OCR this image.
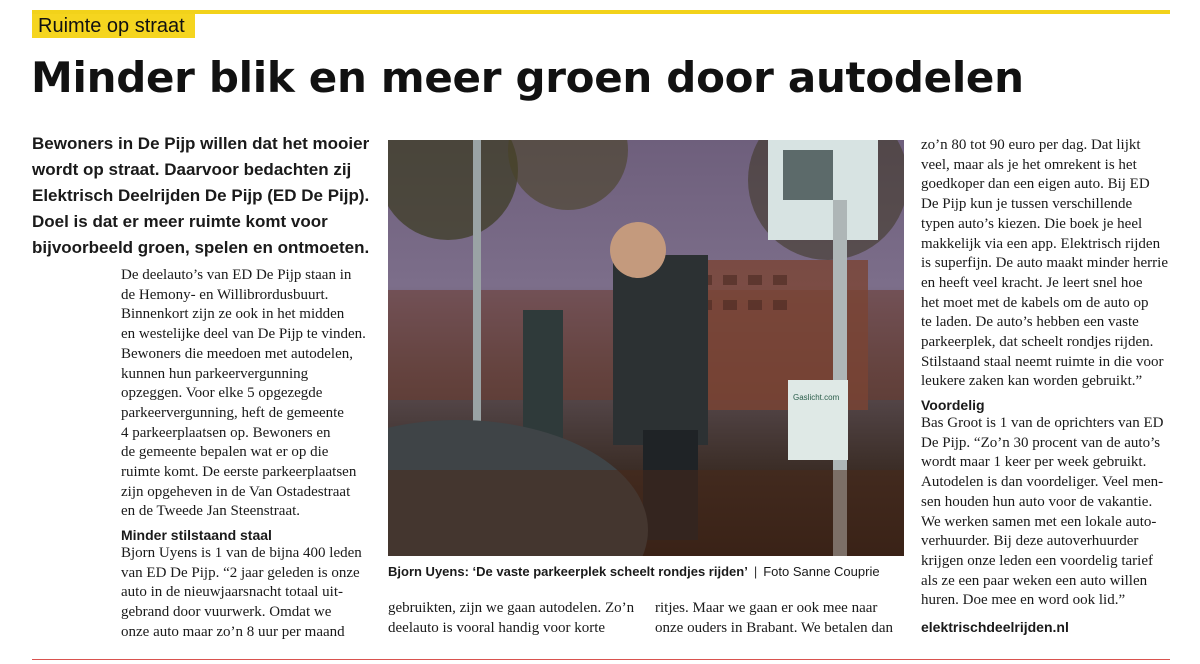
Ruimte op straat
Minder blik en meer groen door autodelen
Bewoners in De Pijp willen dat het mooier
wordt op straat. Daarvoor bedachten zij
Elektrisch Deelrijden De Pijp (ED De Pijp).
Doel is dat er meer ruimte komt voor
bijvoorbeeld groen, spelen en ontmoeten.
De deelauto’s van ED De Pijp staan in
de Hemony- en Willibrordusbuurt.
Binnenkort zijn ze ook in het midden
en westelijke deel van De Pijp te vinden.
Bewoners die meedoen met autodelen,
kunnen hun parkeervergunning
opzeggen. Voor elke 5 opgezegde
parkeervergunning, heft de gemeente
4 parkeerplaatsen op. Bewoners en
de gemeente bepalen wat er op die
ruimte komt. De eerste parkeerplaatsen
zijn opgeheven in de Van Ostadestraat
en de Tweede Jan Steenstraat.
Minder stilstaand staal
Bjorn Uyens is 1 van de bijna 400 leden
van ED De Pijp. “2 jaar geleden is onze
auto in de nieuwjaarsnacht totaal uit-
gebrand door vuurwerk. Omdat we
onze auto maar zo’n 8 uur per maand
Gaslicht.com
Bjorn Uyens: ‘De vaste parkeerplek scheelt rondjes rijden’ | Foto Sanne Couprie
gebruikten, zijn we gaan autodelen. Zo’n
deelauto is vooral handig voor korte
ritjes. Maar we gaan er ook mee naar
onze ouders in Brabant. We betalen dan
zo’n 80 tot 90 euro per dag. Dat lijkt
veel, maar als je het omrekent is het
goedkoper dan een eigen auto. Bij ED
De Pijp kun je tussen verschillende
typen auto’s kiezen. Die boek je heel
makkelijk via een app. Elektrisch rijden
is superfijn. De auto maakt minder herrie
en heeft veel kracht. Je leert snel hoe
het moet met de kabels om de auto op
te laden. De auto’s hebben een vaste
parkeerplek, dat scheelt rondjes rijden.
Stilstaand staal neemt ruimte in die voor
leukere zaken kan worden gebruikt.”
Voordelig
Bas Groot is 1 van de oprichters van ED
De Pijp. “Zo’n 30 procent van de auto’s
wordt maar 1 keer per week gebruikt.
Autodelen is dan voordeliger. Veel men-
sen houden hun auto voor de vakantie.
We werken samen met een lokale auto-
verhuurder. Bij deze autoverhuurder
krijgen onze leden een voordelig tarief
als ze een paar weken een auto willen
huren. Doe mee en word ook lid.”
elektrischdeelrijden.nl
